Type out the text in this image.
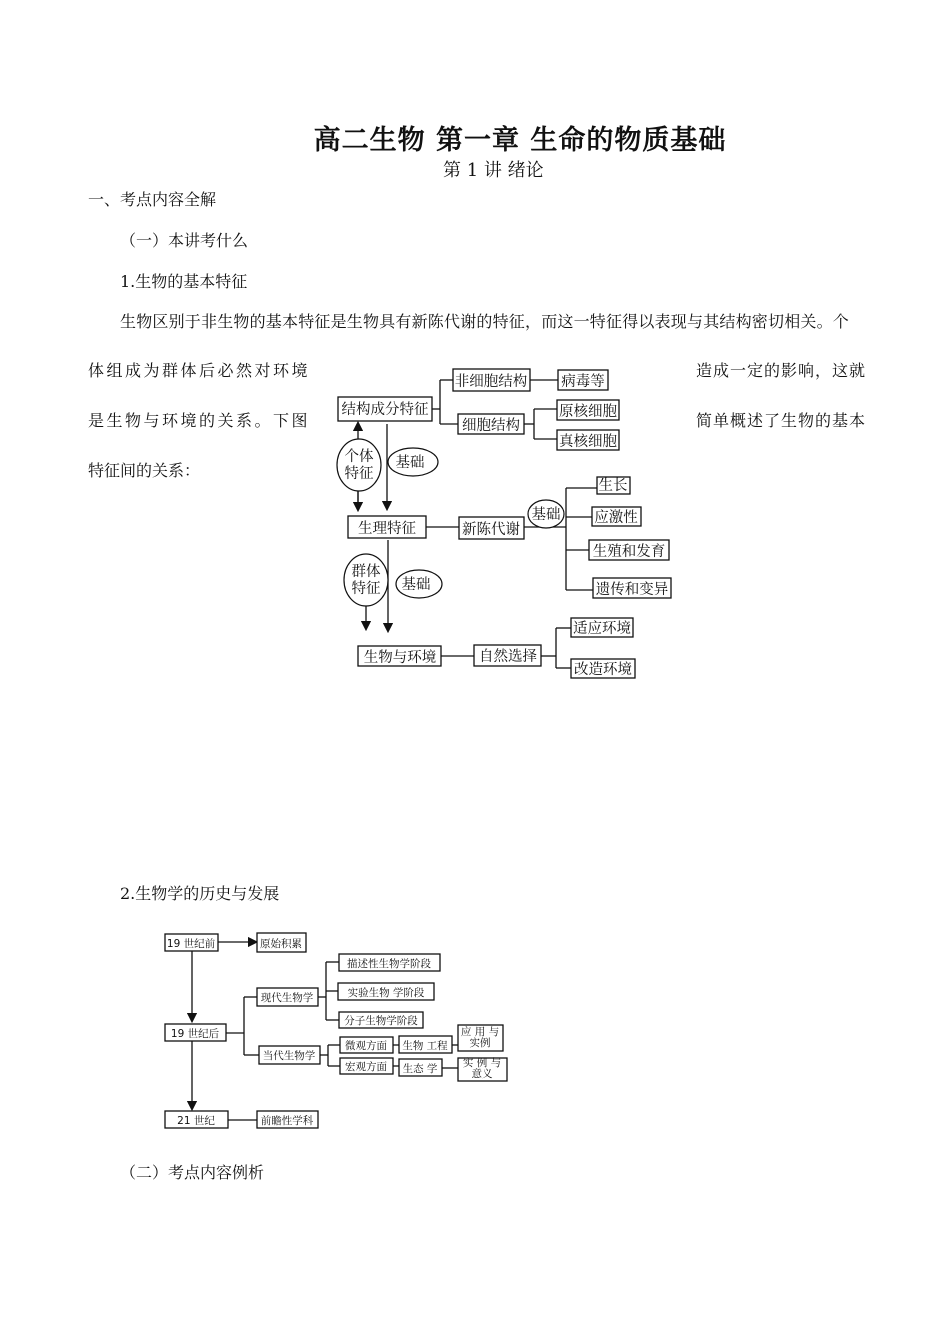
高二生物 第一章 生命的物质基础
第 1 讲 绪论
一、考点内容全解
（一）本讲考什么
1.生物的基本特征
生物区别于非生物的基本特征是生物具有新陈代谢的特征，而这一特征得以表现与其结构密切相关。个
体组成为群体后必然对环境	造成一定的影响，这就
是生物与环境的关系。下图	简单概述了生物的基本
特征间的关系：
结构成分特征
非细胞结构 病毒等
细胞结构
原核细胞
真核细胞
基础
生理特征	新陈代谢
基础
生长
应激性
生殖和发育
遗传和变异
基础
生物与环境	自然选择
适应环境
改造环境
个体特征
群体特征
2.生物学的历史与发展
19 世纪前	原始积累
19 世纪后
现代生物学
描述性生物学阶段
实验生物 学阶段
分子生物学阶段
当代生物学
微观方面 生物 工程
宏观方面 生态 学
21 世纪	前瞻性学科
应 用 与实例
实 例 与意义
（二）考点内容例析
